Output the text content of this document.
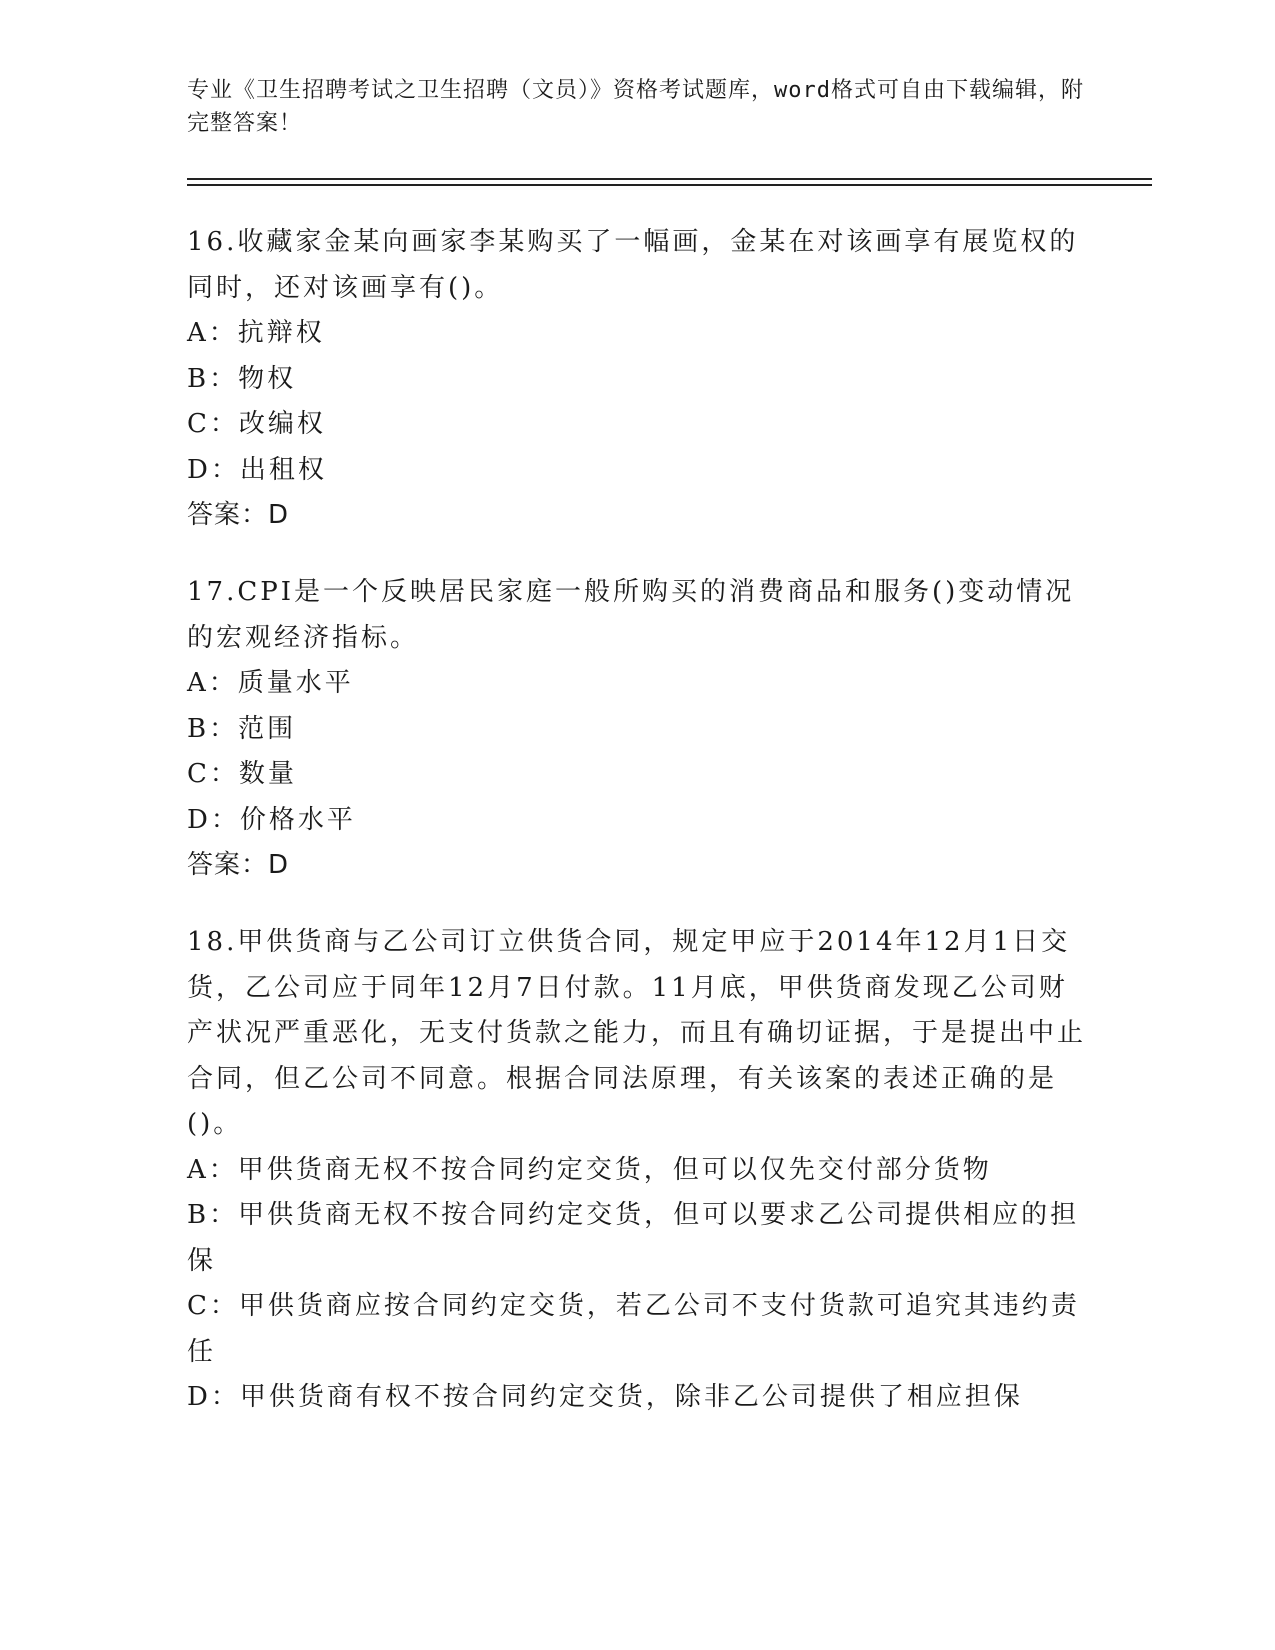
专业《卫生招聘考试之卫生招聘（文员）》资格考试题库，word格式可自由下载编辑，附完整答案！
16.收藏家金某向画家李某购买了一幅画，金某在对该画享有展览权的同时，还对该画享有()。
A：抗辩权
B：物权
C：改编权
D：出租权
答案：D
17.CPI是一个反映居民家庭一般所购买的消费商品和服务()变动情况的宏观经济指标。
A：质量水平
B：范围
C：数量
D：价格水平
答案：D
18.甲供货商与乙公司订立供货合同，规定甲应于2014年12月1日交货，乙公司应于同年12月7日付款。11月底，甲供货商发现乙公司财产状况严重恶化，无支付货款之能力，而且有确切证据，于是提出中止合同，但乙公司不同意。根据合同法原理，有关该案的表述正确的是()。
A：甲供货商无权不按合同约定交货，但可以仅先交付部分货物
B：甲供货商无权不按合同约定交货，但可以要求乙公司提供相应的担保
C：甲供货商应按合同约定交货，若乙公司不支付货款可追究其违约责任
D：甲供货商有权不按合同约定交货，除非乙公司提供了相应担保
